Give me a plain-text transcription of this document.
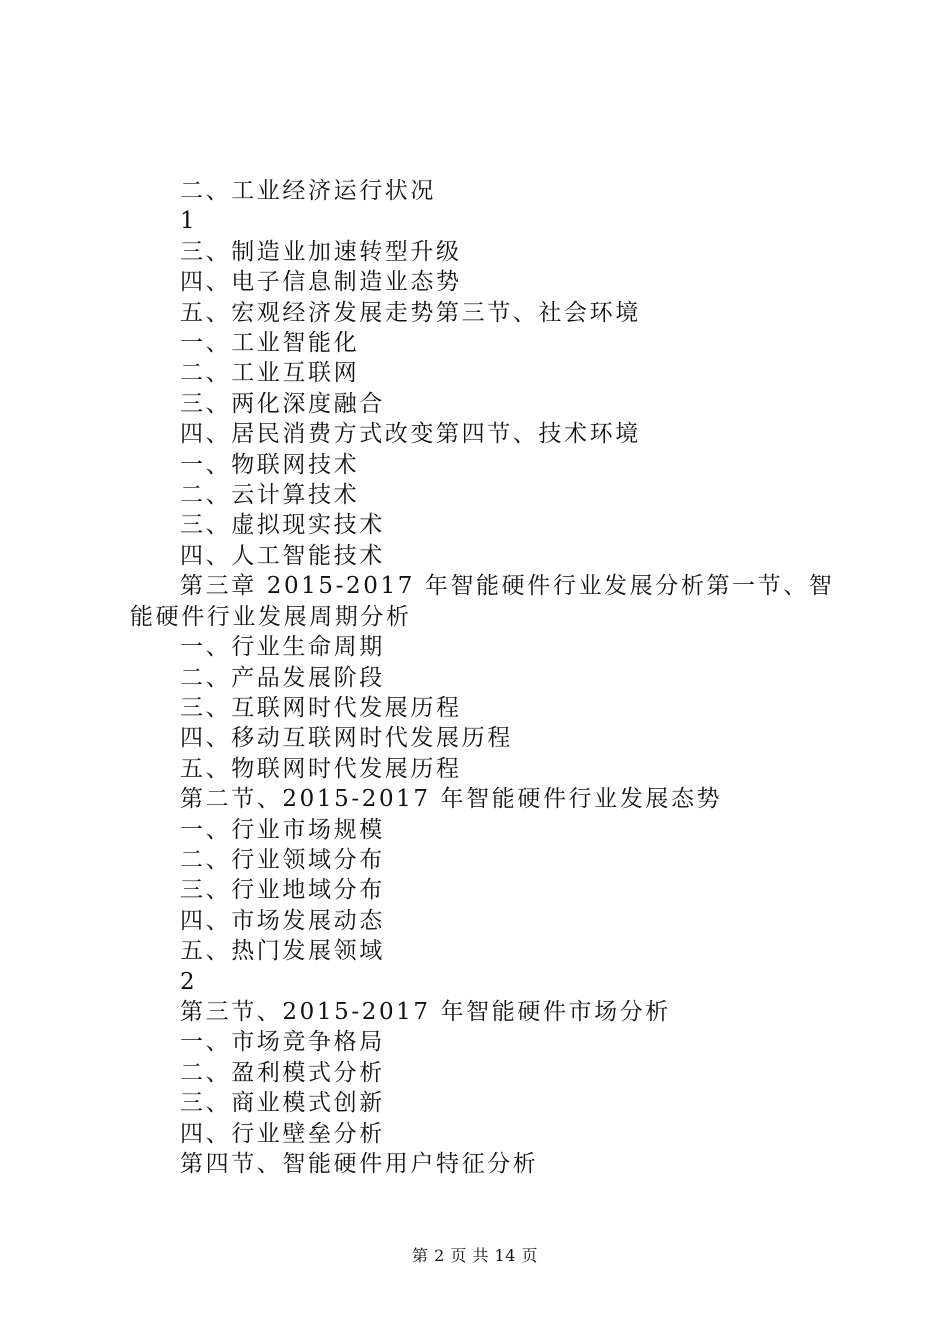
二、工业经济运行状况
1
三、制造业加速转型升级
四、电子信息制造业态势
五、宏观经济发展走势第三节、社会环境
一、工业智能化
二、工业互联网
三、两化深度融合
四、居民消费方式改变第四节、技术环境
一、物联网技术
二、云计算技术
三、虚拟现实技术
四、人工智能技术
第三章 2015-2017 年智能硬件行业发展分析第一节、智能硬件行业发展周期分析
一、行业生命周期
二、产品发展阶段
三、互联网时代发展历程
四、移动互联网时代发展历程
五、物联网时代发展历程
第二节、2015-2017 年智能硬件行业发展态势
一、行业市场规模
二、行业领域分布
三、行业地域分布
四、市场发展动态
五、热门发展领域
2
第三节、2015-2017 年智能硬件市场分析
一、市场竞争格局
二、盈利模式分析
三、商业模式创新
四、行业壁垒分析
第四节、智能硬件用户特征分析
第 2 页 共 14 页
